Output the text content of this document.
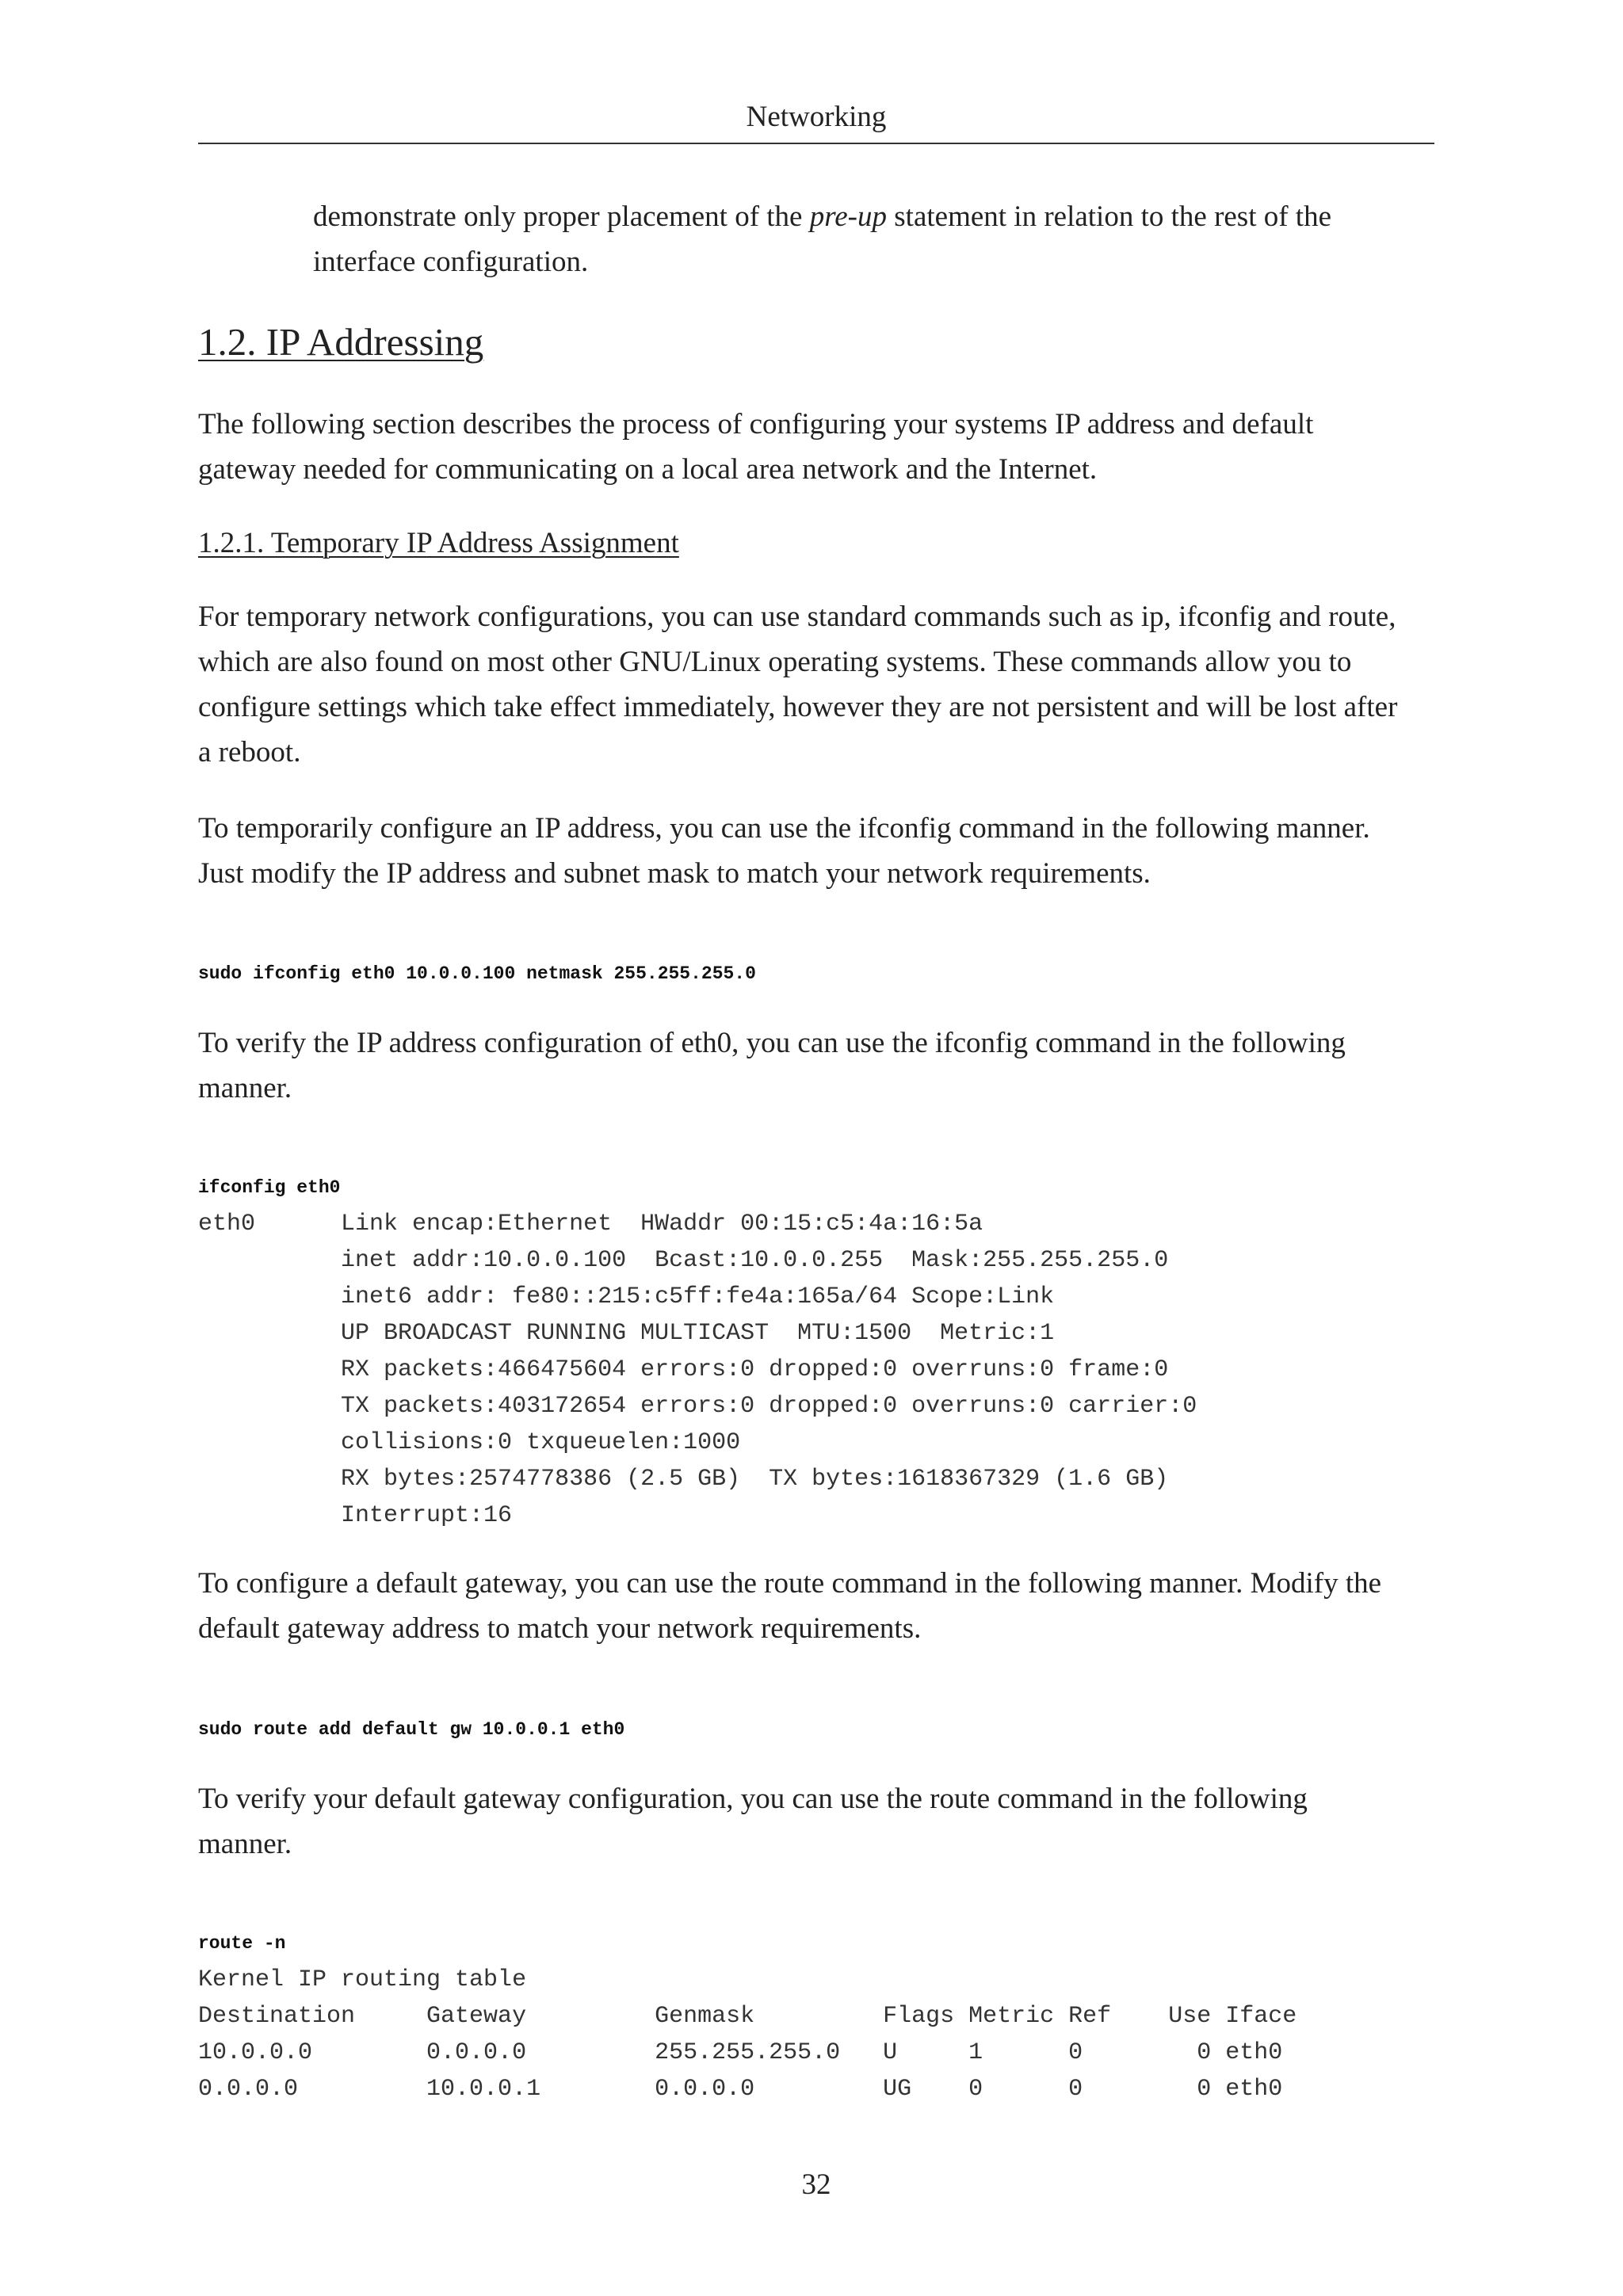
Networking

demonstrate only proper placement of the pre-up statement in relation to the rest of the

interface configuration.

1.2. IP Addressing

The following section describes the process of configuring your systems IP address and default

gateway needed for communicating on a local area network and the Internet.

1.2.1. Temporary IP Address Assignment

For temporary network configurations, you can use standard commands such as ip, ifconfig and route,

which are also found on most other GNU/Linux operating systems. These commands allow you to

configure settings which take effect immediately, however they are not persistent and will be lost after

a reboot.

To temporarily configure an IP address, you can use the ifconfig command in the following manner.

Just modify the IP address and subnet mask to match your network requirements.

sudo ifconfig eth0 10.0.0.100 netmask 255.255.255.0

To verify the IP address configuration of eth0, you can use the ifconfig command in the following

manner.

ifconfig eth0
eth0      Link encap:Ethernet  HWaddr 00:15:c5:4a:16:5a
inet addr:10.0.0.100  Bcast:10.0.0.255  Mask:255.255.255.0
inet6 addr: fe80::215:c5ff:fe4a:165a/64 Scope:Link
UP BROADCAST RUNNING MULTICAST  MTU:1500  Metric:1
RX packets:466475604 errors:0 dropped:0 overruns:0 frame:0
TX packets:403172654 errors:0 dropped:0 overruns:0 carrier:0
collisions:0 txqueuelen:1000
RX bytes:2574778386 (2.5 GB)  TX bytes:1618367329 (1.6 GB)
Interrupt:16

To configure a default gateway, you can use the route command in the following manner. Modify the

default gateway address to match your network requirements.

sudo route add default gw 10.0.0.1 eth0

To verify your default gateway configuration, you can use the route command in the following

manner.

route -n
Kernel IP routing table
Destination     Gateway         Genmask         Flags Metric Ref    Use Iface
10.0.0.0        0.0.0.0         255.255.255.0   U     1      0        0 eth0
0.0.0.0         10.0.0.1        0.0.0.0         UG    0      0        0 eth0
32
